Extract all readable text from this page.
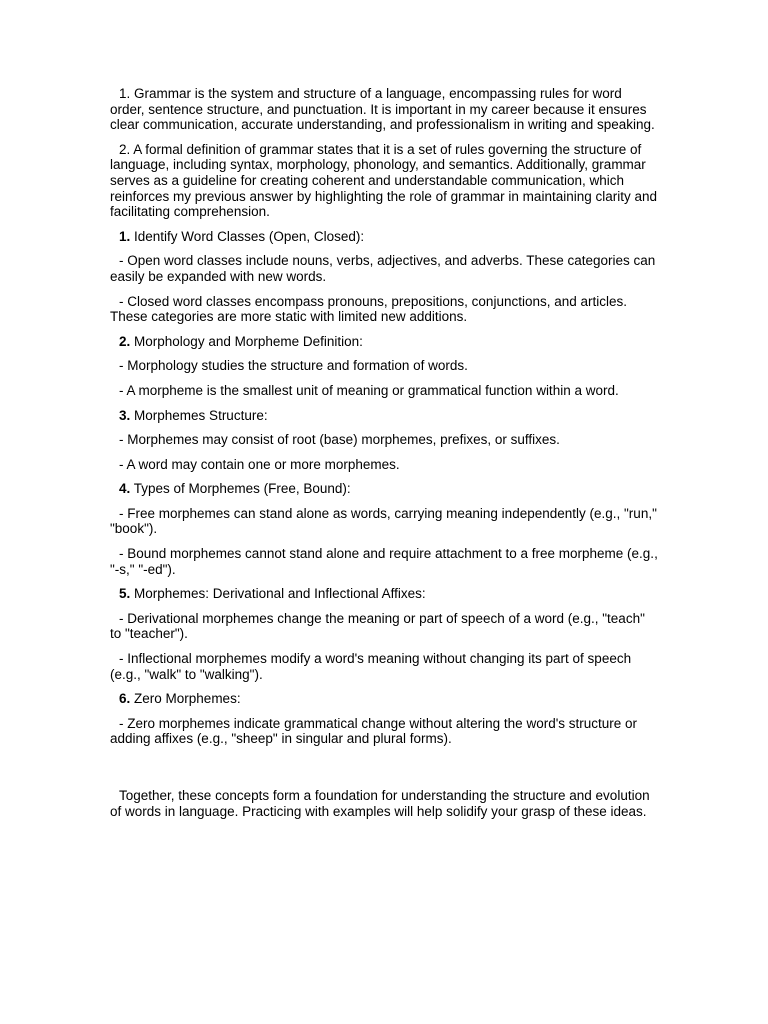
1. Grammar is the system and structure of a language, encompassing rules for word order, sentence structure, and punctuation. It is important in my career because it ensures clear communication, accurate understanding, and professionalism in writing and speaking.

2. A formal definition of grammar states that it is a set of rules governing the structure of language, including syntax, morphology, phonology, and semantics. Additionally, grammar serves as a guideline for creating coherent and understandable communication, which reinforces my previous answer by highlighting the role of grammar in maintaining clarity and facilitating comprehension.

1. Identify Word Classes (Open, Closed):

- Open word classes include nouns, verbs, adjectives, and adverbs. These categories can easily be expanded with new words.

- Closed word classes encompass pronouns, prepositions, conjunctions, and articles. These categories are more static with limited new additions.

2. Morphology and Morpheme Definition:

- Morphology studies the structure and formation of words.

- A morpheme is the smallest unit of meaning or grammatical function within a word.

3. Morphemes Structure:

- Morphemes may consist of root (base) morphemes, prefixes, or suffixes.

- A word may contain one or more morphemes.

4. Types of Morphemes (Free, Bound):

- Free morphemes can stand alone as words, carrying meaning independently (e.g., "run," "book").

- Bound morphemes cannot stand alone and require attachment to a free morpheme (e.g., "-s," "-ed").

5. Morphemes: Derivational and Inflectional Affixes:

- Derivational morphemes change the meaning or part of speech of a word (e.g., "teach" to "teacher").

- Inflectional morphemes modify a word's meaning without changing its part of speech (e.g., "walk" to "walking").

6. Zero Morphemes:

- Zero morphemes indicate grammatical change without altering the word's structure or adding affixes (e.g., "sheep" in singular and plural forms).

Together, these concepts form a foundation for understanding the structure and evolution of words in language. Practicing with examples will help solidify your grasp of these ideas.
